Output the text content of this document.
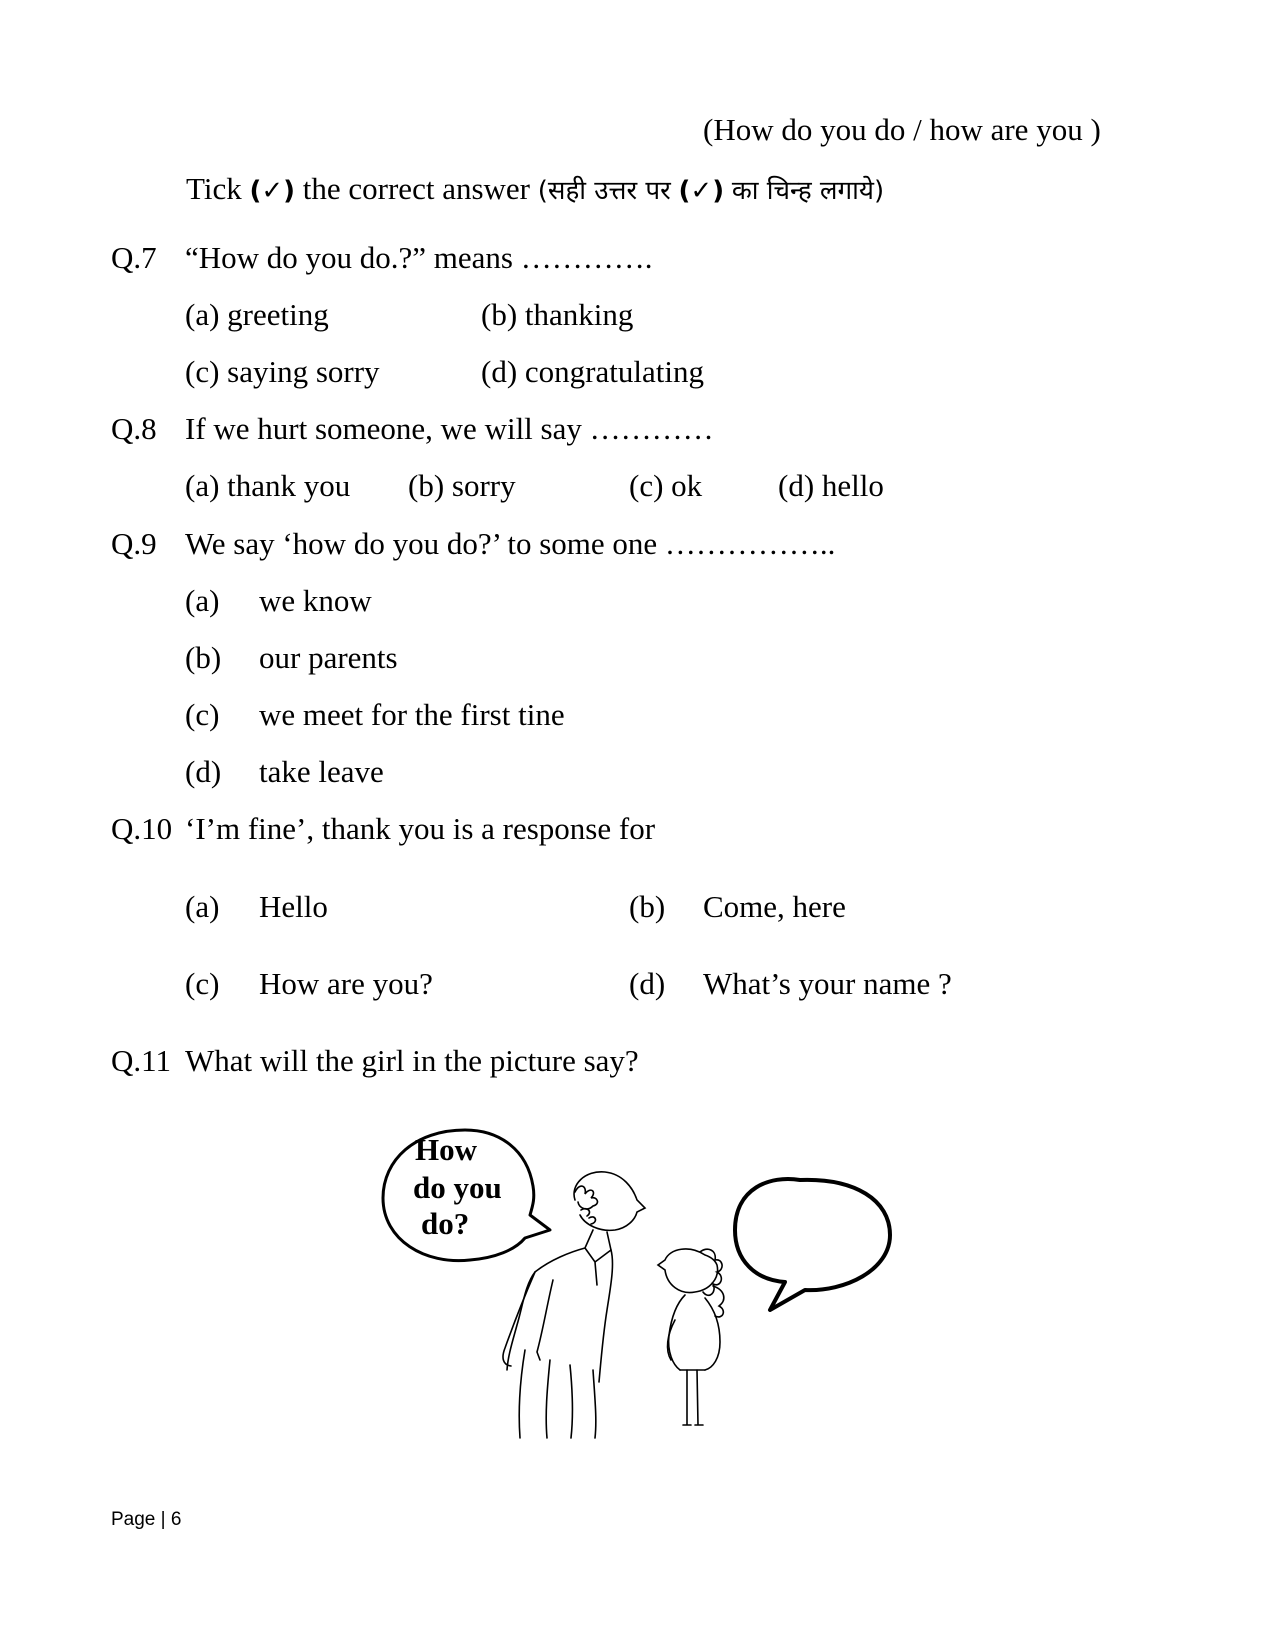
(How do you do / how are you )
Tick (✓) the correct answer (सही उत्तर पर (✓) का चिन्ह लगाये)
Q.7 “How do you do.?” means ………….
(a) greeting	(b) thanking
(c) saying sorry	(d) congratulating
Q.8 If we hurt someone, we will say …………
(a) thank you (b) sorry	(c) ok (d) hello
Q.9 We say ‘how do you do?’ to some one ……………..
(a) we know
(b) our parents
(c) we meet for the first tine
(d) take leave
Q.10 ‘I’m fine’, thank you is a response for
(a) Hello	(b) Come, here
(c) How are you?	(d) What’s your name ?
Q.11 What will the girl in the picture say?
How
do you
do?
Page | 6
